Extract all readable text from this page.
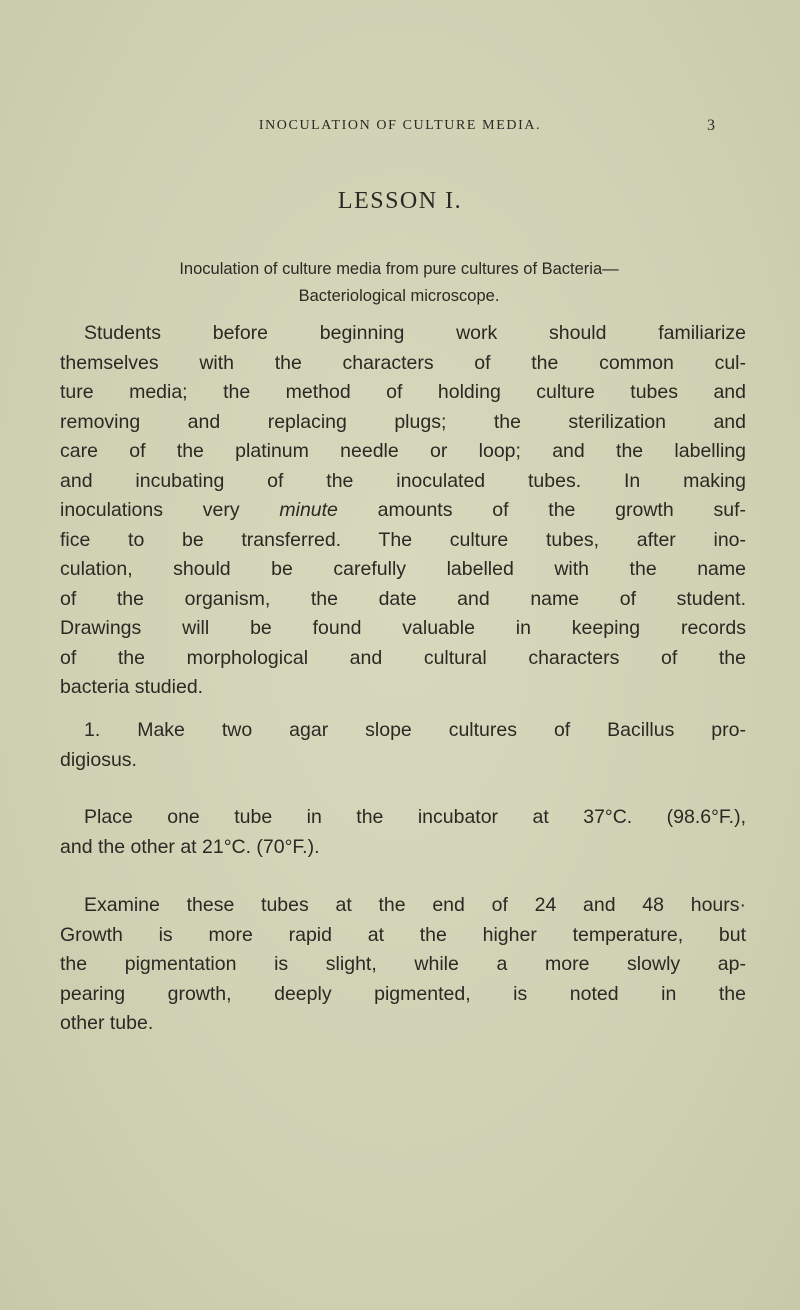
INOCULATION OF CULTURE MEDIA.	3
LESSON I.
Inoculation of culture media from pure cultures of Bacteria—
Bacteriological microscope.
Students before beginning work should familiarize
themselves with the characters of the common cul-
ture media; the method of holding culture tubes and
removing and replacing plugs; the sterilization and
care of the platinum needle or loop; and the labelling
and incubating of the inoculated tubes. In making
inoculations very minute amounts of the growth suf-
fice to be transferred. The culture tubes, after ino-
culation, should be carefully labelled with the name
of the organism, the date and name of student.
Drawings will be found valuable in keeping records
of the morphological and cultural characters of the
bacteria studied.
1. Make two agar slope cultures of Bacillus pro-
digiosus.
Place one tube in the incubator at 37°C. (98.6°F.),
and the other at 21°C. (70°F.).
Examine these tubes at the end of 24 and 48 hours·
Growth is more rapid at the higher temperature, but
the pigmentation is slight, while a more slowly ap-
pearing growth, deeply pigmented, is noted in the
other tube.
